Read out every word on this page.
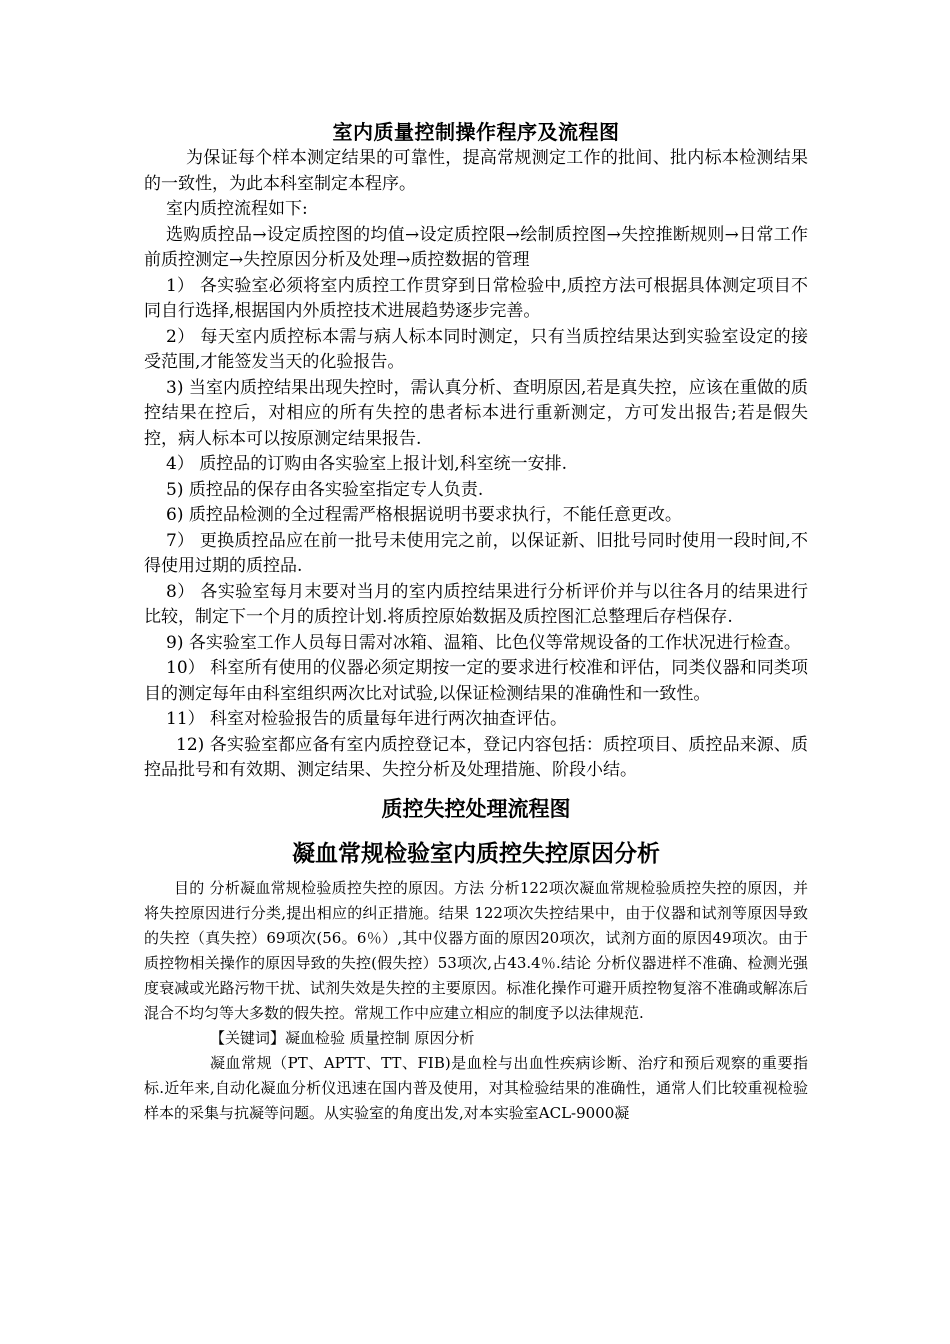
室内质量控制操作程序及流程图

为保证每个样本测定结果的可靠性，提高常规测定工作的批间、批内标本检测结果的一致性，为此本科室制定本程序。

室内质控流程如下:

选购质控品→设定质控图的均值→设定质控限→绘制质控图→失控推断规则→日常工作前质控测定→失控原因分析及处理→质控数据的管理

1） 各实验室必须将室内质控工作贯穿到日常检验中,质控方法可根据具体测定项目不同自行选择,根据国内外质控技术进展趋势逐步完善。

2） 每天室内质控标本需与病人标本同时测定，只有当质控结果达到实验室设定的接受范围,才能签发当天的化验报告。

3) 当室内质控结果出现失控时，需认真分析、查明原因,若是真失控，应该在重做的质控结果在控后，对相应的所有失控的患者标本进行重新测定，方可发出报告;若是假失控，病人标本可以按原测定结果报告.

4） 质控品的订购由各实验室上报计划,科室统一安排.

5) 质控品的保存由各实验室指定专人负责.

6) 质控品检测的全过程需严格根据说明书要求执行，不能任意更改。

7） 更换质控品应在前一批号未使用完之前，以保证新、旧批号同时使用一段时间,不得使用过期的质控品.

8） 各实验室每月末要对当月的室内质控结果进行分析评价并与以往各月的结果进行比较，制定下一个月的质控计划.将质控原始数据及质控图汇总整理后存档保存.

9) 各实验室工作人员每日需对冰箱、温箱、比色仪等常规设备的工作状况进行检查。

10） 科室所有使用的仪器必须定期按一定的要求进行校准和评估，同类仪器和同类项目的测定每年由科室组织两次比对试验,以保证检测结果的准确性和一致性。

11） 科室对检验报告的质量每年进行两次抽查评估。

12) 各实验室都应备有室内质控登记本，登记内容包括：质控项目、质控品来源、质控品批号和有效期、测定结果、失控分析及处理措施、阶段小结。

质控失控处理流程图
凝血常规检验室内质控失控原因分析

目的 分析凝血常规检验质控失控的原因。方法 分析122项次凝血常规检验质控失控的原因，并将失控原因进行分类,提出相应的纠正措施。结果 122项次失控结果中，由于仪器和试剂等原因导致的失控（真失控）69项次(56。6％）,其中仪器方面的原因20项次，试剂方面的原因49项次。由于质控物相关操作的原因导致的失控(假失控）53项次,占43.4％.结论 分析仪器进样不准确、检测光强度衰减或光路污物干扰、试剂失效是失控的主要原因。标准化操作可避开质控物复溶不准确或解冻后混合不均匀等大多数的假失控。常规工作中应建立相应的制度予以法律规范.

【关键词】凝血检验 质量控制 原因分析

凝血常规（PT、APTT、TT、FIB)是血栓与出血性疾病诊断、治疗和预后观察的重要指标.近年来,自动化凝血分析仪迅速在国内普及使用，对其检验结果的准确性，通常人们比较重视检验样本的采集与抗凝等问题。从实验室的角度出发,对本实验室ACL-9000凝
